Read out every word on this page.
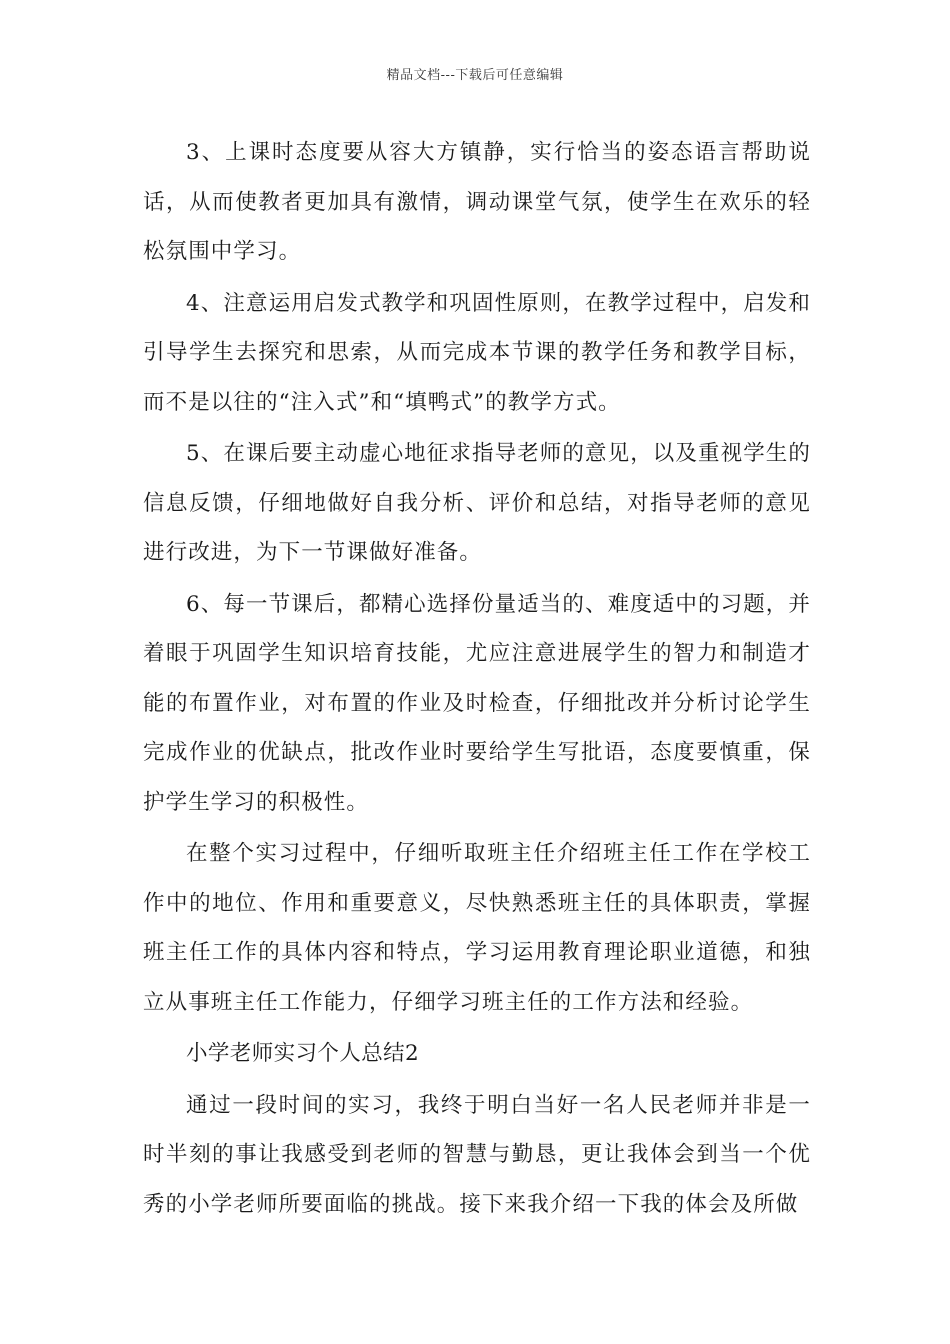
精品文档---下载后可任意编辑

3、上课时态度要从容大方镇静，实行恰当的姿态语言帮助说话，从而使教者更加具有激情，调动课堂气氛，使学生在欢乐的轻松氛围中学习。

4、注意运用启发式教学和巩固性原则，在教学过程中，启发和引导学生去探究和思索，从而完成本节课的教学任务和教学目标，而不是以往的“注入式”和“填鸭式”的教学方式。

5、在课后要主动虚心地征求指导老师的意见，以及重视学生的信息反馈，仔细地做好自我分析、评价和总结，对指导老师的意见进行改进，为下一节课做好准备。

6、每一节课后，都精心选择份量适当的、难度适中的习题，并着眼于巩固学生知识培育技能，尤应注意进展学生的智力和制造才能的布置作业，对布置的作业及时检查，仔细批改并分析讨论学生完成作业的优缺点，批改作业时要给学生写批语，态度要慎重，保护学生学习的积极性。

在整个实习过程中，仔细听取班主任介绍班主任工作在学校工作中的地位、作用和重要意义，尽快熟悉班主任的具体职责，掌握班主任工作的具体内容和特点，学习运用教育理论职业道德，和独立从事班主任工作能力，仔细学习班主任的工作方法和经验。

小学老师实习个人总结2

通过一段时间的实习，我终于明白当好一名人民老师并非是一时半刻的事让我感受到老师的智慧与勤恳，更让我体会到当一个优秀的小学老师所要面临的挑战。接下来我介绍一下我的体会及所做
